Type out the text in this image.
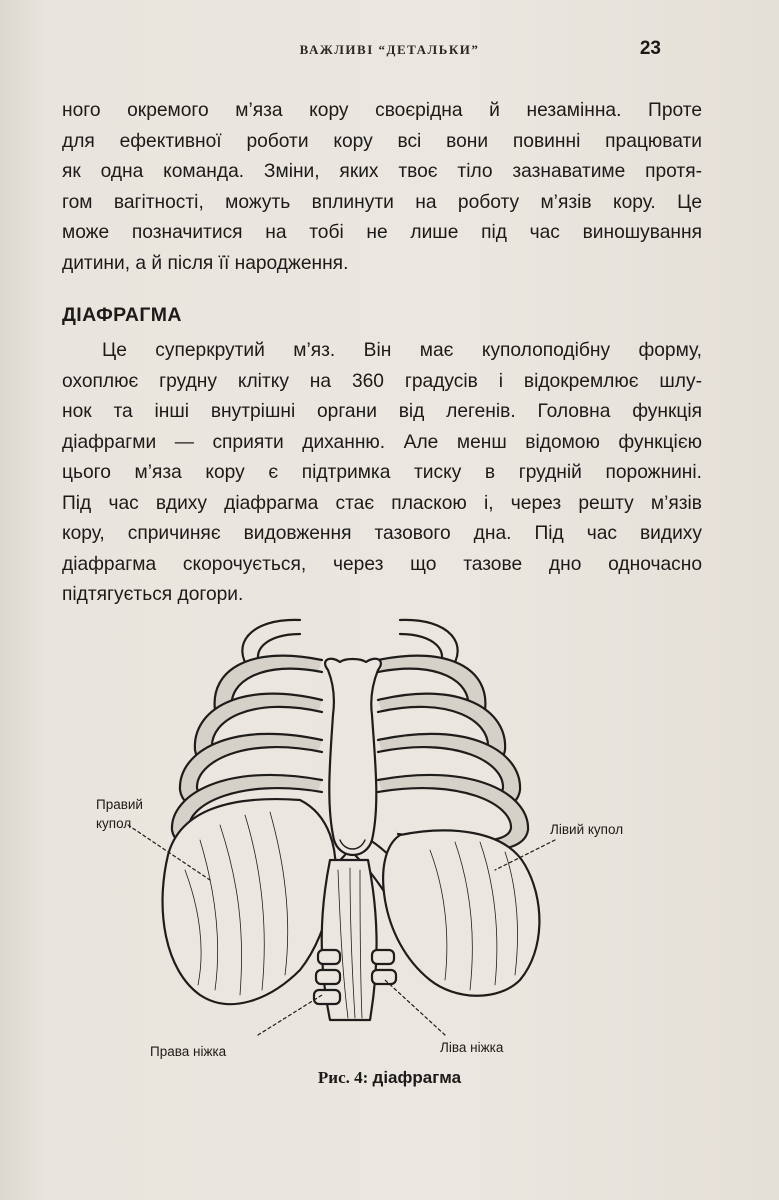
ВАЖЛИВІ “ДЕТАЛЬКИ”	23
ного окремого м’яза кору своєрідна й незамінна. Проте
для ефективної роботи кору всі вони повинні працювати
як одна команда. Зміни, яких твоє тіло зазнаватиме протя-
гом вагітності, можуть вплинути на роботу м’язів кору. Це
може позначитися на тобі не лише під час виношування
дитини, а й після її народження.
ДІАФРАГМА
Це суперкрутий м’яз. Він має куполоподібну форму,
охоплює грудну клітку на 360 градусів і відокремлює шлу-
нок та інші внутрішні органи від легенів. Головна функція
діафрагми — сприяти диханню. Але менш відомою функцією
цього м’яза кору є підтримка тиску в грудній порожнині.
Під час вдиху діафрагма стає пласкою і, через решту м’язів
кору, спричиняє видовження тазового дна. Під час видиху
діафрагма скорочується, через що тазове дно одночасно
підтягується догори.
Правий
купол	Лівий купол
Права ніжка	Ліва ніжка
Рис. 4: діафрагма
